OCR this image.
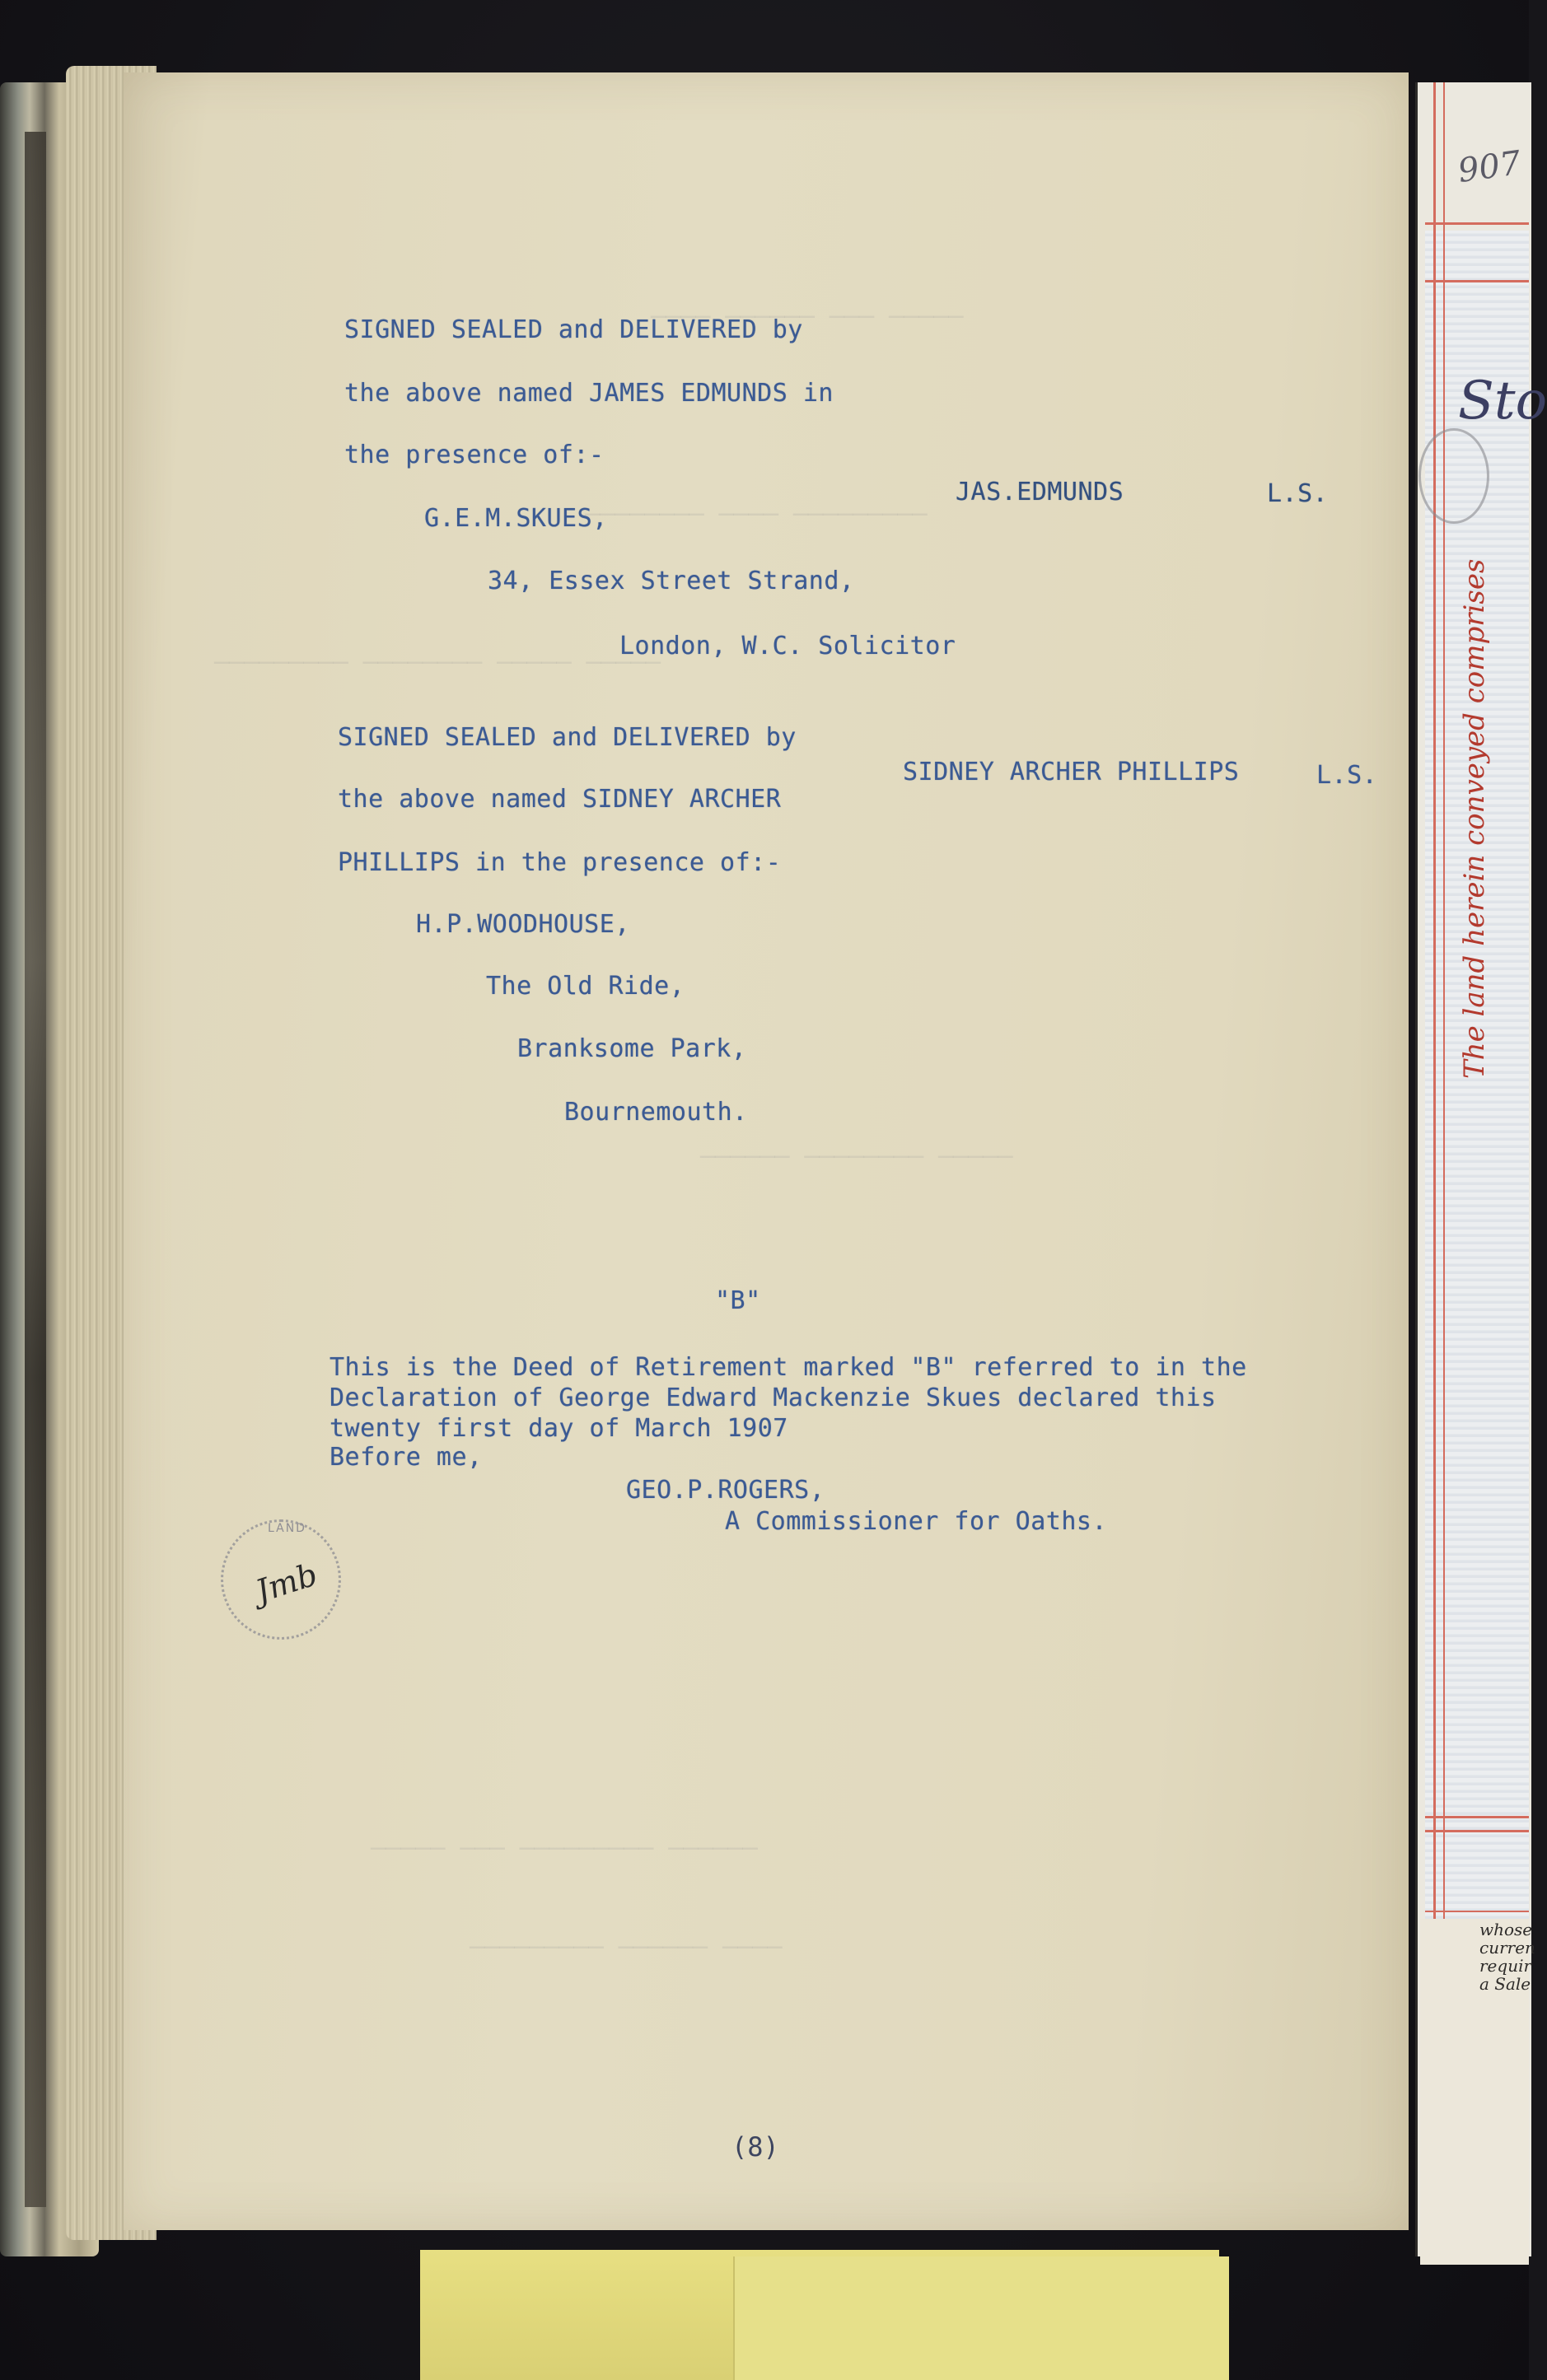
──── ────── ─── ─────
──────── ──── ─────────
───────── ──────── ───── ─────
────── ──────── ─────
───── ─── ───────── ──────
───────── ────── ────
SIGNED SEALED and DELIVERED by
the above named JAMES EDMUNDS in
the presence of:-
JAS.EDMUNDS	L.S.
G.E.M.SKUES,
34, Essex Street Strand,
London, W.C. Solicitor
SIGNED SEALED and DELIVERED by
SIDNEY ARCHER PHILLIPS	L.S.
the above named SIDNEY ARCHER
PHILLIPS in the presence of:-
H.P.WOODHOUSE,
The Old Ride,
Branksome Park,
Bournemouth.
"B"
This is the Deed of Retirement marked "B" referred to in the
Declaration of George Edward Mackenzie Skues declared this
twenty first day of March 1907
Before me,
GEO.P.ROGERS,
A Commissioner for Oaths.
LAND
Jmb
(8)
907
Sto
The land herein conveyed comprises
whose
curren
requir
a Sale
